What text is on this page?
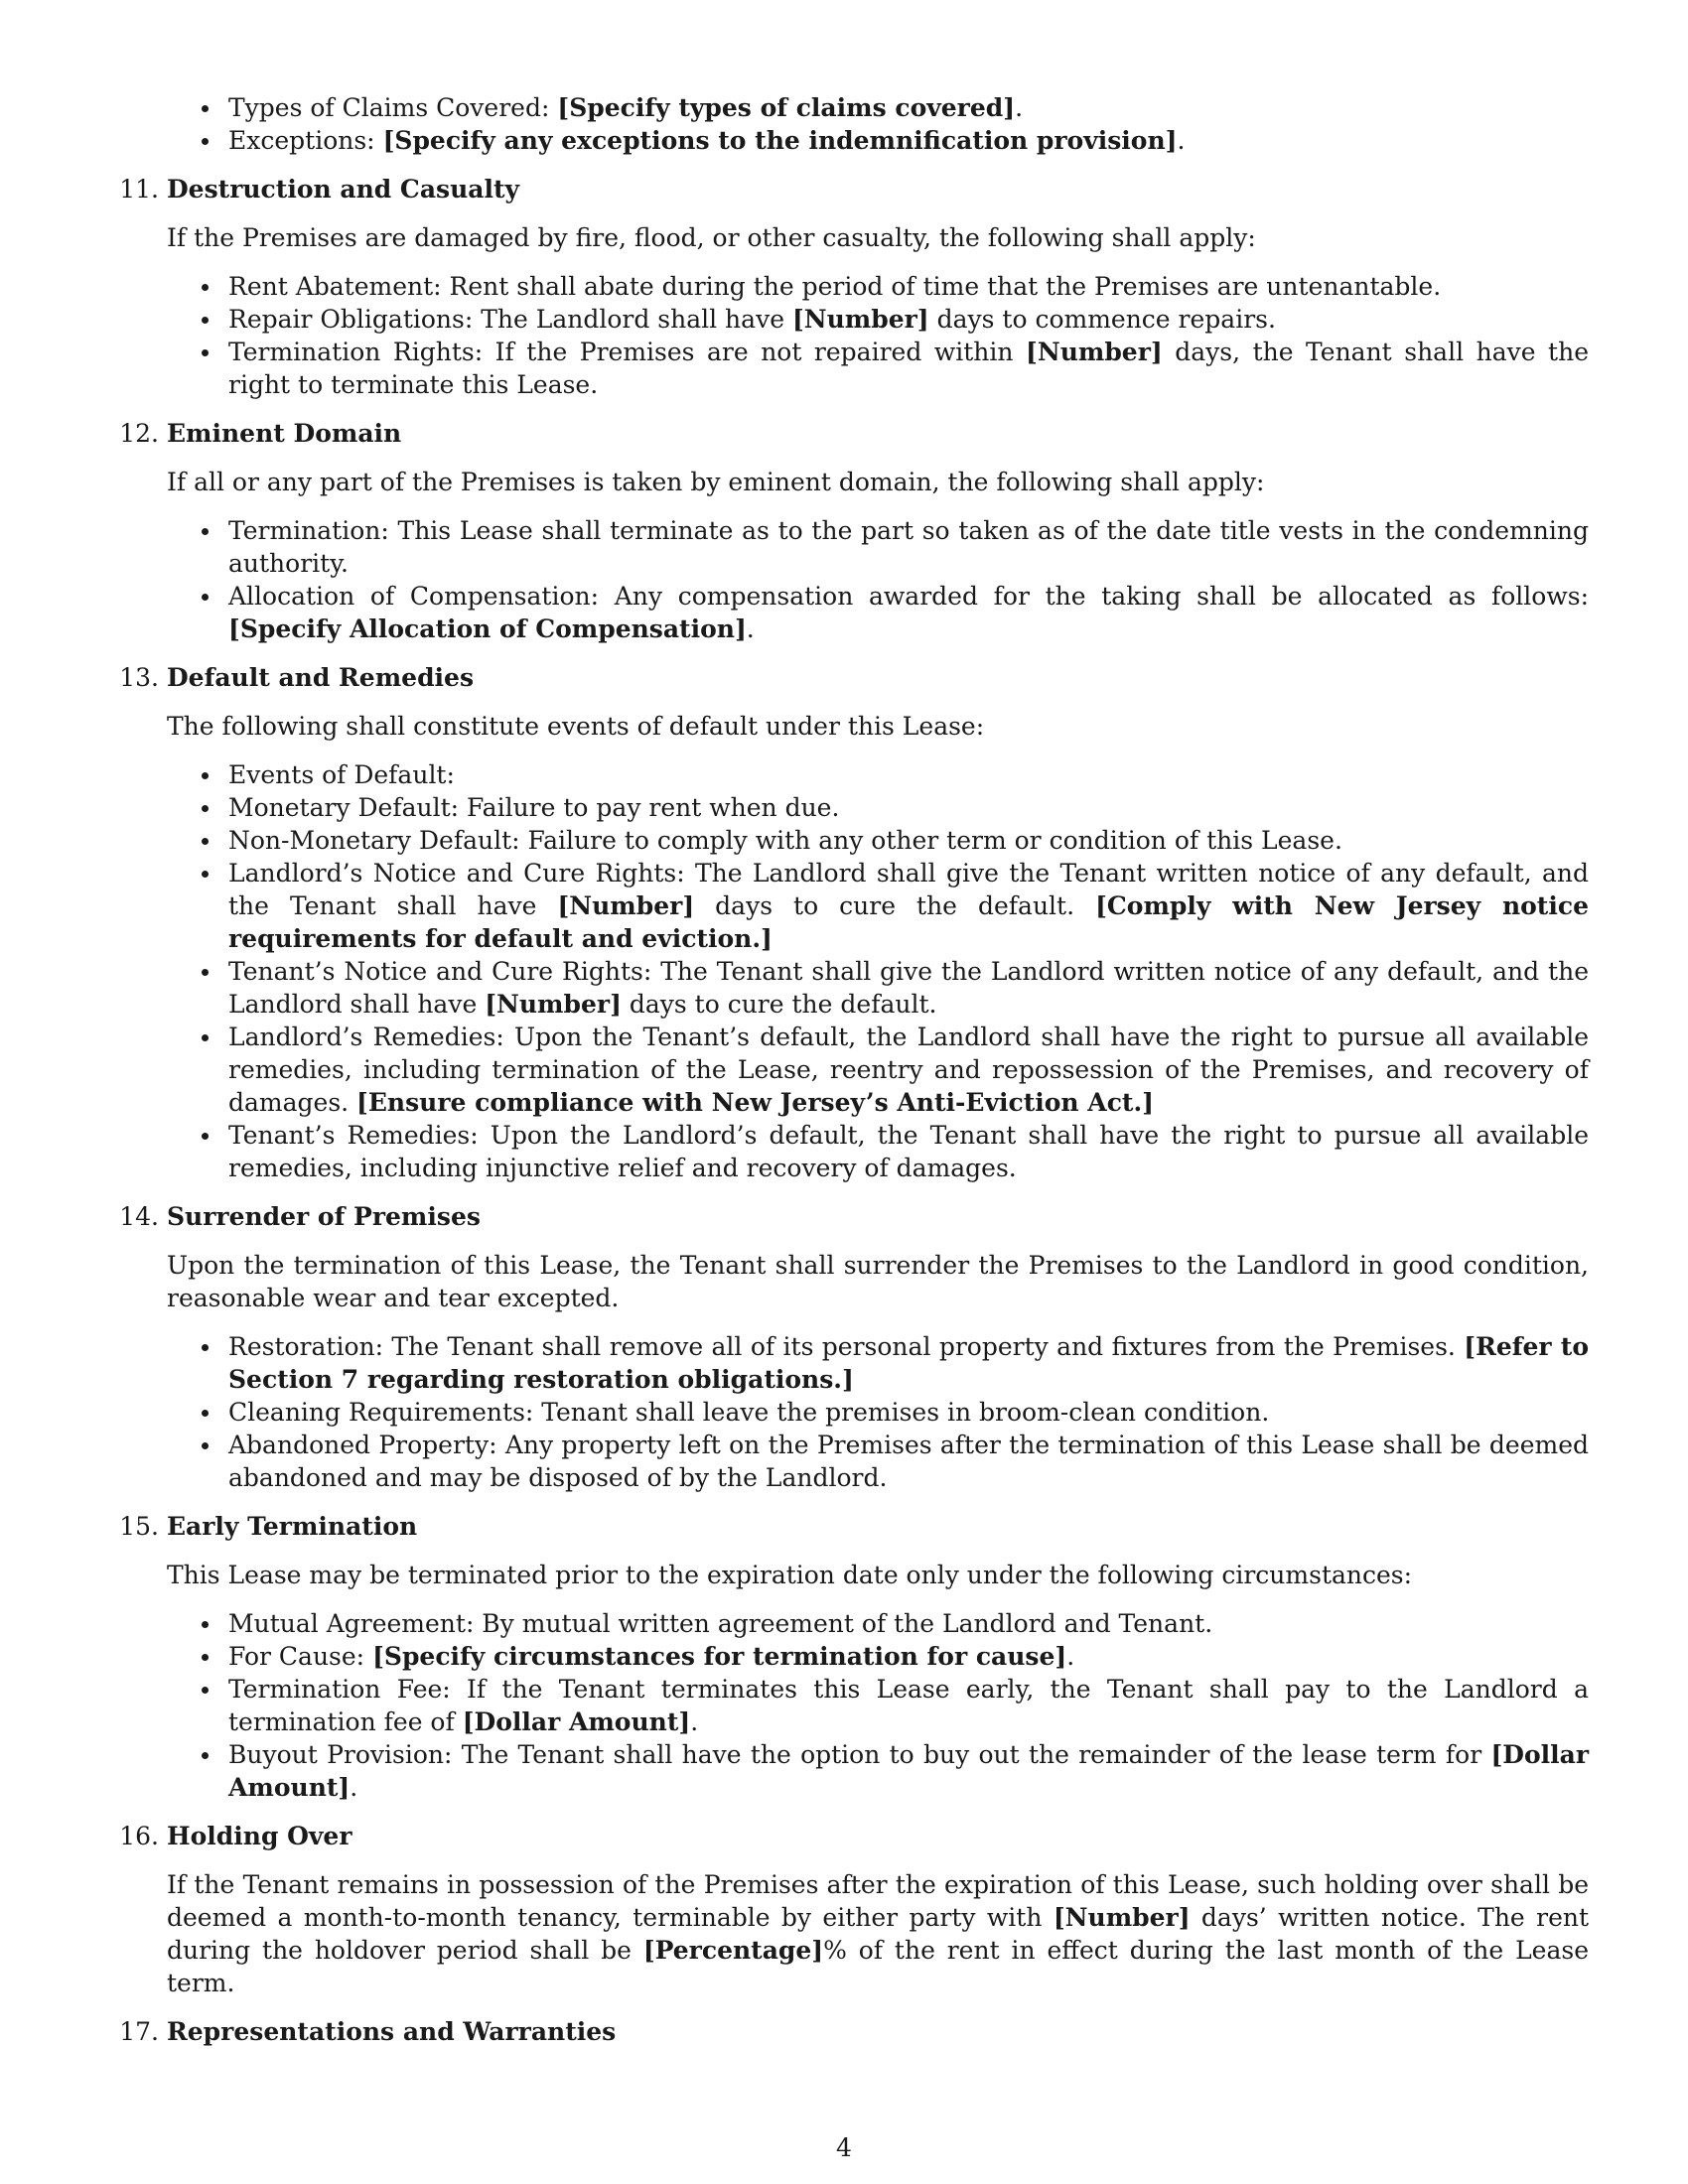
Types of Claims Covered: [Specify types of claims covered].
Exceptions: [Specify any exceptions to the indemnification provision].
11. Destruction and Casualty
If the Premises are damaged by fire, flood, or other casualty, the following shall apply:
Rent Abatement: Rent shall abate during the period of time that the Premises are untenantable.
Repair Obligations: The Landlord shall have [Number] days to commence repairs.
Termination Rights: If the Premises are not repaired within [Number] days, the Tenant shall have the right to terminate this Lease.
12. Eminent Domain
If all or any part of the Premises is taken by eminent domain, the following shall apply:
Termination: This Lease shall terminate as to the part so taken as of the date title vests in the condemning authority.
Allocation of Compensation: Any compensation awarded for the taking shall be allocated as follows: [Specify Allocation of Compensation].
13. Default and Remedies
The following shall constitute events of default under this Lease:
Events of Default:
Monetary Default: Failure to pay rent when due.
Non-Monetary Default: Failure to comply with any other term or condition of this Lease.
Landlord’s Notice and Cure Rights: The Landlord shall give the Tenant written notice of any default, and the Tenant shall have [Number] days to cure the default. [Comply with New Jersey notice requirements for default and eviction.]
Tenant’s Notice and Cure Rights: The Tenant shall give the Landlord written notice of any default, and the Landlord shall have [Number] days to cure the default.
Landlord’s Remedies: Upon the Tenant’s default, the Landlord shall have the right to pursue all available remedies, including termination of the Lease, reentry and repossession of the Premises, and recovery of damages. [Ensure compliance with New Jersey’s Anti-Eviction Act.]
Tenant’s Remedies: Upon the Landlord’s default, the Tenant shall have the right to pursue all available remedies, including injunctive relief and recovery of damages.
14. Surrender of Premises
Upon the termination of this Lease, the Tenant shall surrender the Premises to the Landlord in good condition, reasonable wear and tear excepted.
Restoration: The Tenant shall remove all of its personal property and fixtures from the Premises. [Refer to Section 7 regarding restoration obligations.]
Cleaning Requirements: Tenant shall leave the premises in broom-clean condition.
Abandoned Property: Any property left on the Premises after the termination of this Lease shall be deemed abandoned and may be disposed of by the Landlord.
15. Early Termination
This Lease may be terminated prior to the expiration date only under the following circumstances:
Mutual Agreement: By mutual written agreement of the Landlord and Tenant.
For Cause: [Specify circumstances for termination for cause].
Termination Fee: If the Tenant terminates this Lease early, the Tenant shall pay to the Landlord a termination fee of [Dollar Amount].
Buyout Provision: The Tenant shall have the option to buy out the remainder of the lease term for [Dollar Amount].
16. Holding Over
If the Tenant remains in possession of the Premises after the expiration of this Lease, such holding over shall be deemed a month-to-month tenancy, terminable by either party with [Number] days’ written notice. The rent during the holdover period shall be [Percentage]% of the rent in effect during the last month of the Lease term.
17. Representations and Warranties
4
